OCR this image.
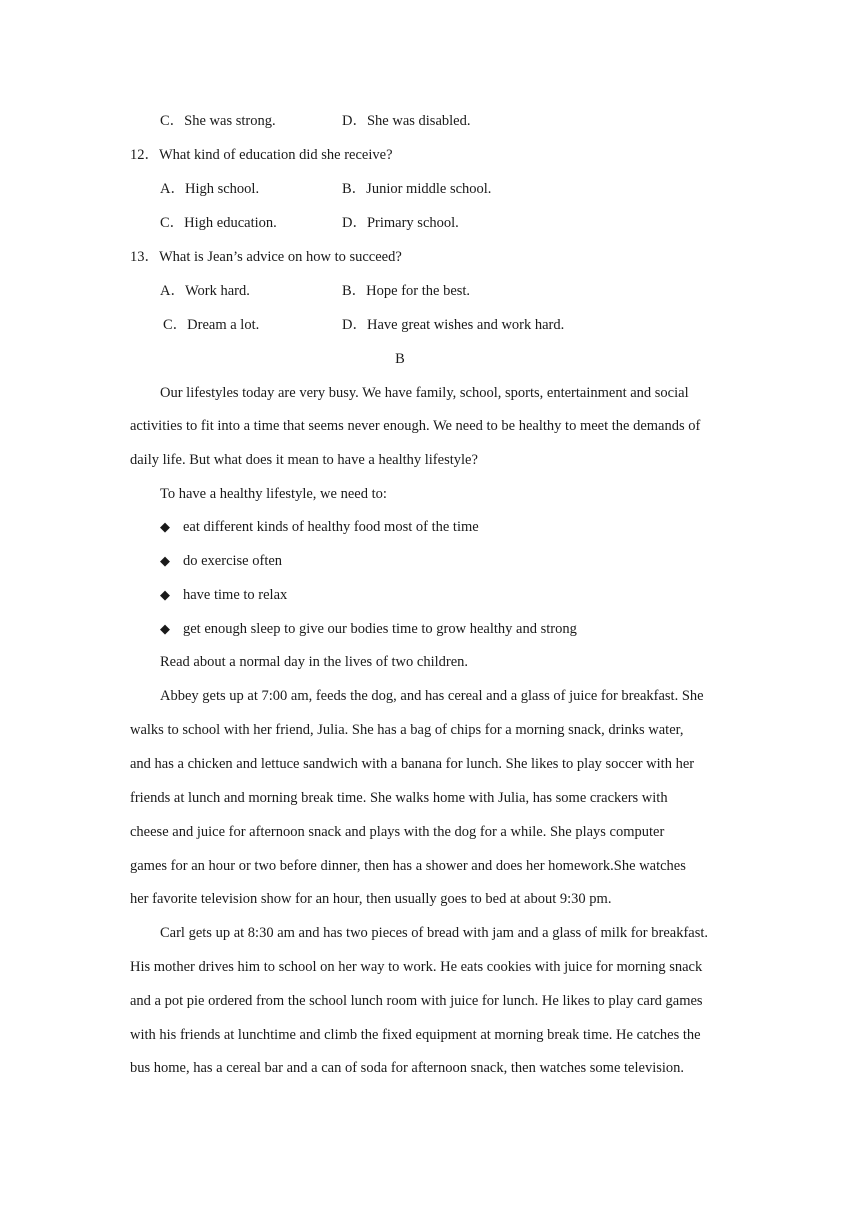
C．She was strong.	D．She was disabled.
12．What kind of education did she receive?
A．High school.	B．Junior middle school.
C．High education.	D．Primary school.
13．What is Jean’s advice on how to succeed?
A．Work hard.	B．Hope for the best.
C．Dream a lot.	D．Have great wishes and work hard.
B
Our lifestyles today are very busy. We have family, school, sports, entertainment and social
activities to fit into a time that seems never enough. We need to be healthy to meet the demands of
daily life. But what does it mean to have a healthy lifestyle?
To have a healthy lifestyle, we need to:
◆ eat different kinds of healthy food most of the time
◆ do exercise often
◆ have time to relax
◆ get enough sleep to give our bodies time to grow healthy and strong
Read about a normal day in the lives of two children.
Abbey gets up at 7:00 am, feeds the dog, and has cereal and a glass of juice for breakfast. She
walks to school with her friend, Julia. She has a bag of chips for a morning snack, drinks water,
and has a chicken and lettuce sandwich with a banana for lunch. She likes to play soccer with her
friends at lunch and morning break time. She walks home with Julia, has some crackers with
cheese and juice for afternoon snack and plays with the dog for a while. She plays computer
games for an hour or two before dinner, then has a shower and does her homework.She watches
her favorite television show for an hour, then usually goes to bed at about 9:30 pm.
Carl gets up at 8:30 am and has two pieces of bread with jam and a glass of milk for breakfast.
His mother drives him to school on her way to work. He eats cookies with juice for morning snack
and a pot pie ordered from the school lunch room with juice for lunch. He likes to play card games
with his friends at lunchtime and climb the fixed equipment at morning break time. He catches the
bus home, has a cereal bar and a can of soda for afternoon snack, then watches some television.
